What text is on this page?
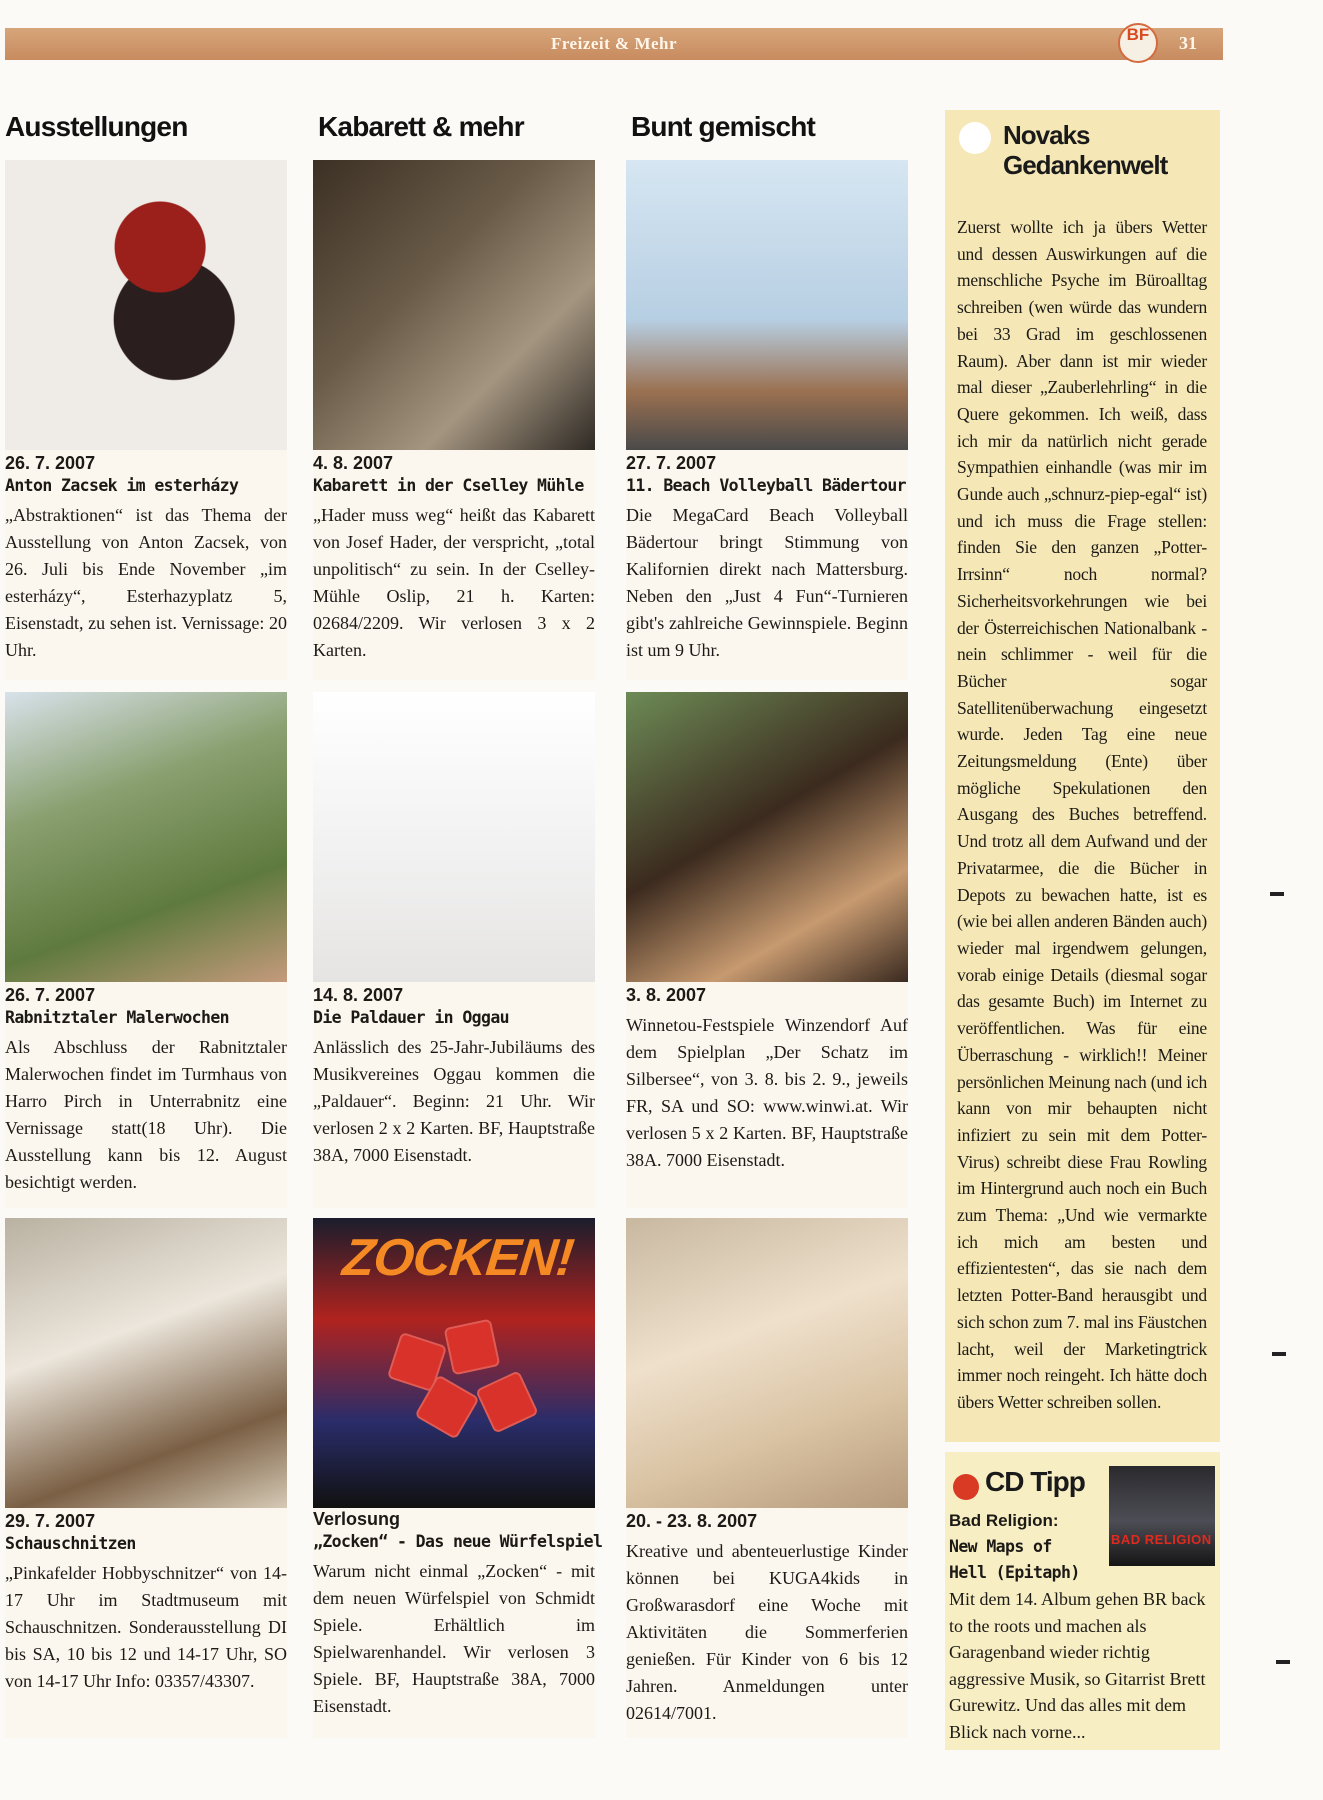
Freizeit & Mehr	BF	31
Ausstellungen
26. 7. 2007
Anton Zacsek im esterházy
„Abstraktionen“ ist das Thema der Ausstellung von Anton Zacsek, von 26. Juli bis Ende November „im esterházy“, Esterhazyplatz 5, Eisenstadt, zu sehen ist. Vernissage: 20 Uhr.
26. 7. 2007
Rabnitztaler Malerwochen
Als Abschluss der Rabnitztaler Malerwochen findet im Turmhaus von Harro Pirch in Unterrabnitz eine Vernissage statt(18 Uhr). Die Ausstellung kann bis 12. August besichtigt werden.
29. 7. 2007
Schauschnitzen
„Pinkafelder Hobbyschnitzer“ von 14-17 Uhr im Stadtmuseum mit Schauschnitzen. Sonderausstellung DI bis SA, 10 bis 12 und 14-17 Uhr, SO von 14-17 Uhr Info: 03357/43307.
Kabarett & mehr
4. 8. 2007
Kabarett in der Cselley Mühle
„Hader muss weg“ heißt das Kabarett von Josef Hader, der verspricht, „total unpolitisch“ zu sein. In der Cselley-Mühle Oslip, 21 h. Karten: 02684/2209. Wir verlosen 3 x 2 Karten.
14. 8. 2007
Die Paldauer in Oggau
Anlässlich des 25-Jahr-Jubiläums des Musikvereines Oggau kommen die „Paldauer“. Beginn: 21 Uhr. Wir verlosen 2 x 2 Karten. BF, Hauptstraße 38A, 7000 Eisenstadt.
ZOCKEN!
Verlosung
„Zocken“ - Das neue Würfelspiel
Warum nicht einmal „Zocken“ - mit dem neuen Würfelspiel von Schmidt Spiele. Erhältlich im Spielwarenhandel. Wir verlosen 3 Spiele. BF, Hauptstraße 38A, 7000 Eisenstadt.
Bunt gemischt
27. 7. 2007
11. Beach Volleyball Bädertour
Die MegaCard Beach Volleyball Bädertour bringt Stimmung von Kalifornien direkt nach Mattersburg. Neben den „Just 4 Fun“-Turnieren gibt's zahlreiche Gewinnspiele. Beginn ist um 9 Uhr.
3. 8. 2007
Winnetou-Festspiele Winzendorf Auf dem Spielplan „Der Schatz im Silbersee“, von 3. 8. bis 2. 9., jeweils FR, SA und SO: www.winwi.at. Wir verlosen 5 x 2 Karten. BF, Hauptstraße 38A. 7000 Eisenstadt.
20. - 23. 8. 2007
Kreative und abenteuerlustige Kinder können bei KUGA4kids in Großwarasdorf eine Woche mit Aktivitäten die Sommerferien genießen. Für Kinder von 6 bis 12 Jahren. Anmeldungen unter 02614/7001.
Novaks
Gedankenwelt
Zuerst wollte ich ja übers Wetter und dessen Auswirkungen auf die menschliche Psyche im Büroalltag schreiben (wen würde das wundern bei 33 Grad im geschlossenen Raum). Aber dann ist mir wieder mal dieser „Zauberlehrling“ in die Quere gekommen. Ich weiß, dass ich mir da natürlich nicht gerade Sympathien einhandle (was mir im Gunde auch „schnurz-piep-egal“ ist) und ich muss die Frage stellen: finden Sie den ganzen „Potter-Irrsinn“ noch normal? Sicherheitsvorkehrungen wie bei der Österreichischen Nationalbank - nein schlimmer - weil für die Bücher sogar Satellitenüberwachung eingesetzt wurde. Jeden Tag eine neue Zeitungsmeldung (Ente) über mögliche Spekulationen den Ausgang des Buches betreffend. Und trotz all dem Aufwand und der Privatarmee, die die Bücher in Depots zu bewachen hatte, ist es (wie bei allen anderen Bänden auch) wieder mal irgendwem gelungen, vorab einige Details (diesmal sogar das gesamte Buch) im Internet zu veröffentlichen. Was für eine Überraschung - wirklich!! Meiner persönlichen Meinung nach (und ich kann von mir behaupten nicht infiziert zu sein mit dem Potter-Virus) schreibt diese Frau Rowling im Hintergrund auch noch ein Buch zum Thema: „Und wie vermarkte ich mich am besten und effizientesten“, das sie nach dem letzten Potter-Band herausgibt und sich schon zum 7. mal ins Fäustchen lacht, weil der Marketingtrick immer noch reingeht. Ich hätte doch übers Wetter schreiben sollen.
CD Tipp
Bad Religion:
New Maps of Hell (Epitaph)
BAD RELIGION
Mit dem 14. Album gehen BR back to the roots und machen als Garagenband wieder richtig aggressive Musik, so Gitarrist Brett Gurewitz. Und das alles mit dem Blick nach vorne...
